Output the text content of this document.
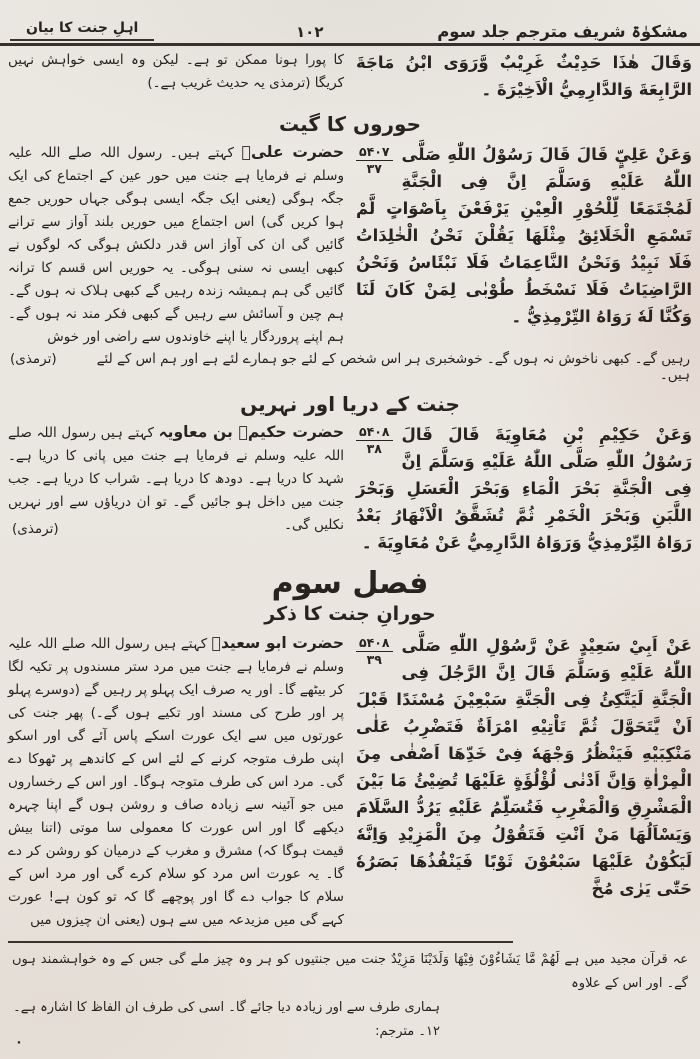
اہلِ جنت کا بیان	۱۰۲	مشکوٰۃ شریف مترجم جلد سوم

کا پورا ہونا ممکن تو ہے۔ لیکن وہ ایسی خواہش نہیں کریگا (ترمذی یہ حدیث غریب ہے۔)

وَقَالَ هٰذَا حَدِيْثٌ غَرِيْبٌ وَّرَوَى ابْنُ مَاجَةَ الرَّابِعَةَ وَالدَّارِمِيُّ الْاَخِيْرَةَ ۔

حوروں کا گیت

حضرت علیؓ کہتے ہیں۔ رسول اللہ صلے اللہ علیہ وسلم نے فرمایا ہے جنت میں حور عین کے اجتماع کی ایک جگہ ہوگی (یعنی ایک جگہ ایسی ہوگی جہاں حوریں جمع ہوا کریں گی) اس اجتماع میں حوریں بلند آواز سے ترانے گائیں گی ان کی آواز اس قدر دلکش ہوگی کہ لوگوں نے کبھی ایسی نہ سنی ہوگی۔ یہ حوریں اس قسم کا ترانہ گائیں گی ہم ہمیشہ زندہ رہیں گے کبھی ہلاک نہ ہوں گے۔ ہم چین و آسائش سے رہیں گے کبھی فکر مند نہ ہوں گے۔ ہم اپنے پروردگار یا اپنے خاوندوں سے راضی اور خوش

۵۴۰۷
۳۷
وَعَنْ عَلِيٍّ قَالَ قَالَ رَسُوْلُ اللّٰهِ صَلَّى اللّٰهُ عَلَيْهِ وَسَلَّمَ اِنَّ فِى الْجَنَّةِ لَمُجْتَمَعًا لِّلْحُوْرِ الْعِيْنِ يَرْفَعْنَ بِاَصْوَاتٍ لَّمْ تَسْمَعِ الْخَلَائِقُ مِثْلَهَا يَقُلْنَ نَحْنُ الْخٰلِدَاتُ فَلَا نَبِيْدُ وَنَحْنُ النَّاعِمَاتُ فَلَا نَبْئَاسُ وَنَحْنُ الرَّاضِيَاتُ فَلَا نَسْخَطُ طُوْبٰى لِمَنْ كَانَ لَنَا وَكُنَّا لَهٗ رَوَاهُ التِّرْمِذِيُّ ۔

رہیں گے۔ کبھی ناخوش نہ ہوں گے۔ خوشخبری ہر اس شخص کے لئے جو ہمارے لئے ہے اور ہم اس کے لئے ہیں۔
(ترمذی)
جنت کے دریا اور نہریں

حضرت حکیمؓ بن معاویہ کہتے ہیں رسول اللہ صلے اللہ علیہ وسلم نے فرمایا ہے جنت میں پانی کا دریا ہے۔ شہد کا دریا ہے۔ دودھ کا دریا ہے۔ شراب کا دریا ہے۔ جب جنت میں داخل ہو جائیں گے۔ تو ان دریاؤں سے اور نہریں نکلیں گی۔

(ترمذی)

۵۴۰۸
۳۸
وَعَنْ حَكِيْمِ بْنِ مُعَاوِيَةَ قَالَ قَالَ رَسُوْلُ اللّٰهِ صَلَّى اللّٰهُ عَلَيْهِ وَسَلَّمَ اِنَّ فِى الْجَنَّةِ بَحْرَ الْمَاءِ وَبَحْرَ الْعَسَلِ وَبَحْرَ اللَّبَنِ وَبَحْرَ الْخَمْرِ ثُمَّ تُشَقَّقُ الْاَنْهَارُ بَعْدُ رَوَاهُ التِّرْمِذِيُّ وَرَوَاهُ الدَّارِمِيُّ عَنْ مُعَاوِيَةَ ۔

فصل سوم
حورانِ جنت کا ذکر

حضرت ابو سعیدؓ کہتے ہیں رسول اللہ صلے اللہ علیہ وسلم نے فرمایا ہے جنت میں مرد ستر مسندوں پر تکیہ لگا کر بیٹھے گا۔ اور یہ صرف ایک پہلو پر رہیں گے (دوسرے پہلو پر اور طرح کی مسند اور تکیے ہوں گے۔) پھر جنت کی عورتوں میں سے ایک عورت اسکے پاس آئے گی اور اسکو اپنی طرف متوجہ کرنے کے لئے اس کے کاندھے پر ٹھوکا دے گی۔ مرد اس کی طرف متوجہ ہوگا۔ اور اس کے رخساروں میں جو آئینہ سے زیادہ صاف و روشن ہوں گے اپنا چہرہ دیکھے گا اور اس عورت کا معمولی سا موتی (اتنا بیش قیمت ہوگا کہ) مشرق و مغرب کے درمیان کو روشن کر دے گا۔ یہ عورت اس مرد کو سلام کرے گی اور مرد اس کے سلام کا جواب دے گا اور پوچھے گا کہ تو کون ہے! عورت کہے گی میں مزیدعہ میں سے ہوں (یعنی ان چیزوں میں

۵۴۰۸
۳۹
عَنْ اَبِيْ سَعِيْدٍ عَنْ رَّسُوْلِ اللّٰهِ صَلَّى اللّٰهُ عَلَيْهِ وَسَلَّمَ قَالَ اِنَّ الرَّجُلَ فِى الْجَنَّةِ لَيَتَّكِئُ فِى الْجَنَّةِ سَبْعِيْنَ مُسْنَدًا قَبْلَ اَنْ يَّتَحَوَّلَ ثُمَّ تَاْتِيْهِ امْرَاَةٌ فَتَضْرِبُ عَلٰى مَنْكِبَيْهِ فَيَنْظُرُ وَجْهَهٗ فِىْ خَدِّهَا اَصْفٰى مِنَ الْمِرْاٰةِ وَاِنَّ اَدْنٰى لُؤْلُؤَةٍ عَلَيْهَا تُضِيْئُ مَا بَيْنَ الْمَشْرِقِ وَالْمَغْرِبِ فَتُسَلِّمُ عَلَيْهِ يَرُدُّ السَّلَامَ وَيَسْاَلُهَا مَنْ اَنْتِ فَتَقُوْلُ مِنَ الْمَزِيْدِ وَاِنَّهٗ لَيَكُوْنُ عَلَيْهَا سَبْعُوْنَ ثَوْبًا فَيَنْفُذُهَا بَصَرُهٗ حَتّٰى يَرٰى مُخَّ

عہ قرآن مجید میں ہے لَهُمْ مَّا يَشَاءُوْنَ فِيْهَا وَلَدَيْنَا مَزِيْدٌ جنت میں جنتیوں کو ہر وہ چیز ملے گی جس کے وہ خواہشمند ہوں گے۔ اور اس کے علاوہ

ہماری طرف سے اور زیادہ دیا جائے گا۔ اسی کی طرف ان الفاظ کا اشارہ ہے۔ ۱۲۔ مترجم:

۰
